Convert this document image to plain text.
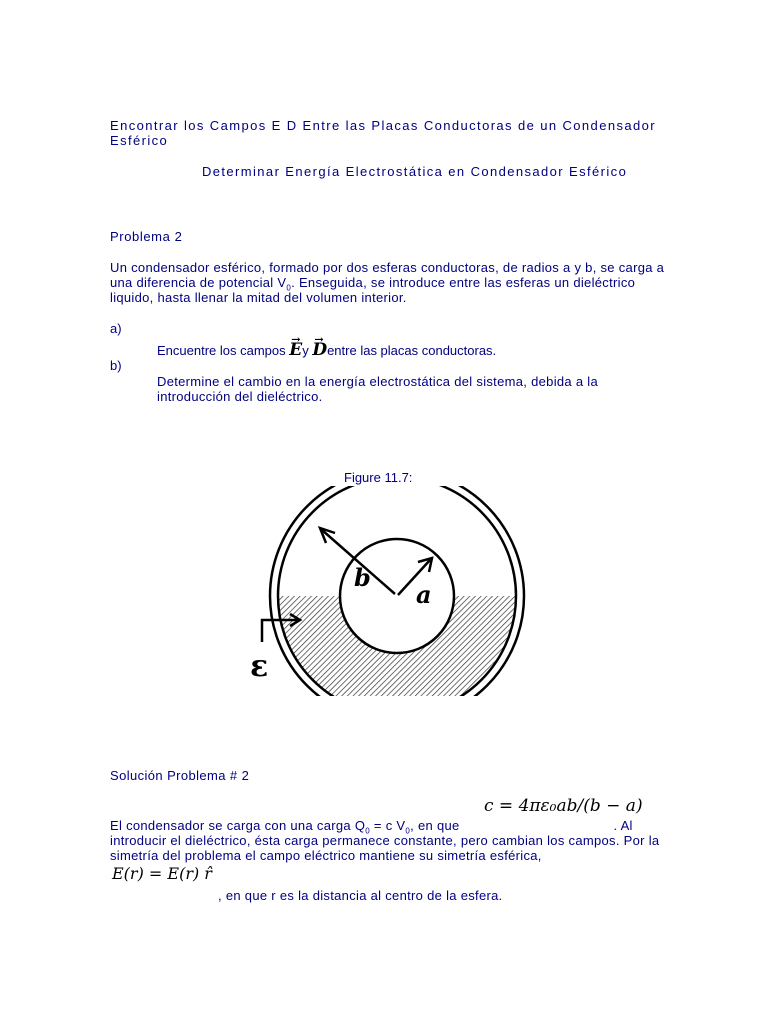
Encontrar los Campos E D Entre las Placas Conductoras de un Condensador Esférico
Determinar Energía Electrostática en Condensador Esférico
Problema 2
Un condensador esférico, formado por dos esferas conductoras, de radios a y b, se carga a una diferencia de potencial $V_0$. Enseguida, se introduce entre las esferas un dieléctrico liquido, hasta llenar la mitad del volumen interior.
a)
Encuentre los campos → Ey → Dentre las placas conductoras.
b)
Determine el cambio en la energía electrostática del sistema, debida a la introducción del dieléctrico.
Figure 11.7:
b
a
ε
Solución Problema # 2
c = 4πε₀ab/(b − a)
El condensador se carga con una carga $Q_0 = c$ $V_0$, en que	. Al introducir el dieléctrico, ésta carga permanece constante, pero cambian los campos. Por la simetría del problema el campo eléctrico mantiene su simetría esférica,
E(r) = E(r) r̂
, en que r es la distancia al centro de la esfera.
